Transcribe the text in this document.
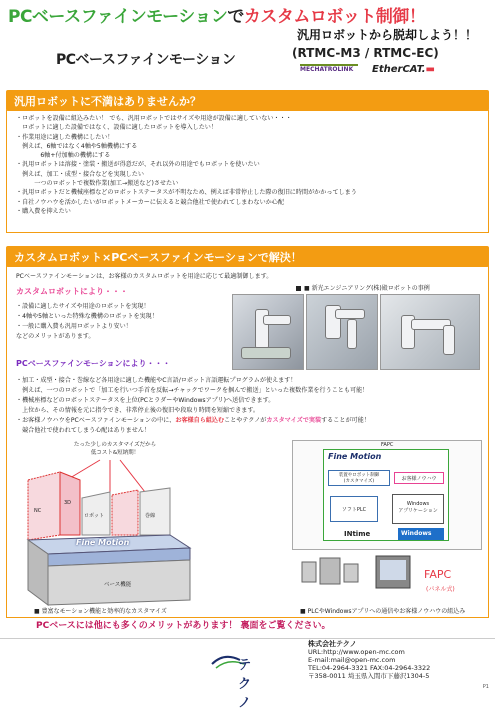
PCベースファインモーションでカスタムロボット制御！
汎用ロボットから脱却しよう！！
PCベースファインモーション	(RTMC-M3 / RTMC-EC)
MECHATROLINK	EtherCAT.▬
汎用ロボットに不満はありませんか？
・ロボットを設備に組込みたい！ でも、汎用ロボットではサイズや用途が設備に適していない・・・
　ロボットに適した設備ではなく、設備に適したロボットを導入したい！
・作業用途に適した機構にしたい！
　例えば、6軸ではなく4軸や5軸機構にする
　　　　6軸+付加軸の機構にする
・汎用ロボットは溶接・塗装・搬送が得意だが、それ以外の用途でもロボットを使いたい
　例えば、加工・成型・接合などを実現したい
　　　一つのロボットで複数作業(加工→搬送など)させたい
・汎用ロボットだと機械座標などのロボットステータスが不明なため、例えば非常停止した際の復旧に時間がかかってしまう
・自社ノウハウを活かしたいがロボットメーカーに伝えると競合他社で使われてしまわないか心配
・購入費を抑えたい
カスタムロボット×PCベースファインモーションで解決！
PCベースファインモーションは、お客様のカスタムロボットを用途に応じて最適制御します。
カスタムロボットにより・・・
・設備に適したサイズや用途のロボットを実現！
・4軸や5軸といった特殊な機構のロボットを実現！
・一般に購入費も汎用ロボットより安い！
などのメリットがあります。
■ 新光エンジニアリング(株)殿ロボットの事例
PCベースファインモーションにより・・・
・加工・成型・接合・巻線など各用途に適した機能やC言語/ロボット言語運転プログラムが使えます！
　例えば、一つのロボットで「加工を行いつ手首を反転→チャックでワークを掴んで搬送」といった複数作業を行うことも可能！
・機械座標などのロボットステータスを上位(PCとラダーやWindowsアプリ)へ送信できます。
　上位から、その情報を元に指令でき、非常停止後の復旧や段取り時間を短縮できます。
・お客様ノウハウをPCベースファインモーションの中に、お客様自ら組込むことやテクノがカスタマイズで実装することが可能！
　競合他社で使われてしまう心配はありません！
たった少しのカスタマイズだから
低コスト&短納期！
NC
3D
ロボット	巻線
Fine Motion
ベース機能
■ 豊富なモーション機能と効率的なカスタマイズ
FAPC
Fine Motion
装置やロボット制御
(カスタマイズ)	お客様ノウハウ
ソフトPLC
Windows
アプリケーション
INtime	Windows
FAPC
(パネル式)
■ PLCやWindowsアプリへの通信やお客様ノウハウの組込み
PCベースには他にも多くのメリットがあります！ 裏面をご覧ください。
テクノ
株式会社テクノ
URL:http://www.open-mc.com
E-mail:mail@open-mc.com
TEL:04-2964-3321 FAX:04-2964-3322
〒358-0011 埼玉県入間市下藤沢1304-5
P1
